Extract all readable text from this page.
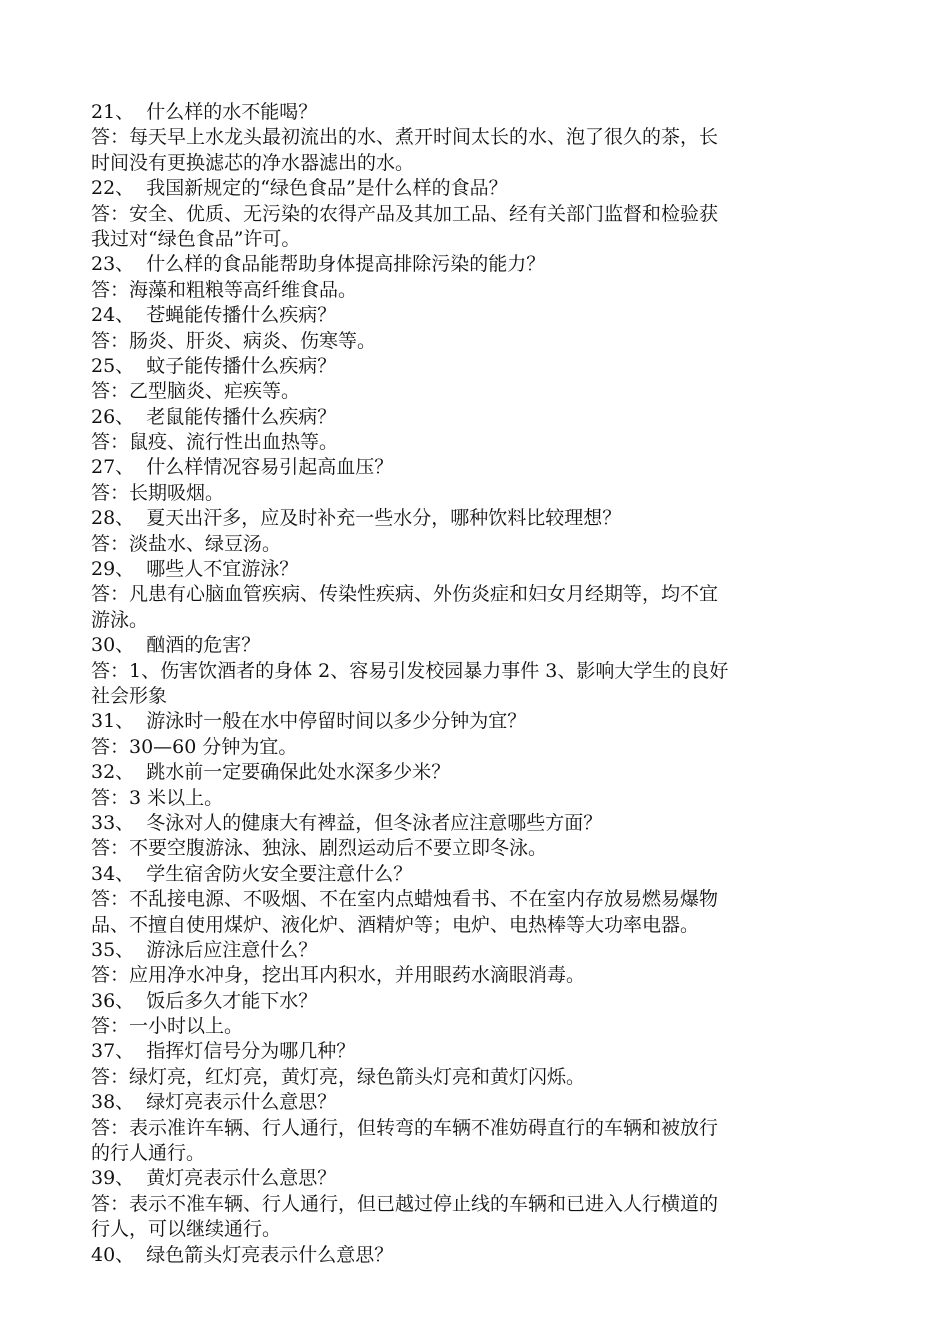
21、  什么样的水不能喝？
答：每天早上水龙头最初流出的水、煮开时间太长的水、泡了很久的茶，长
时间没有更换滤芯的净水器滤出的水。
22、  我国新规定的“绿色食品”是什么样的食品？
答：安全、优质、无污染的农得产品及其加工品、经有关部门监督和检验获
我过对“绿色食品”许可。
23、  什么样的食品能帮助身体提高排除污染的能力？
答：海藻和粗粮等高纤维食品。
24、  苍蝇能传播什么疾病？
答：肠炎、肝炎、病炎、伤寒等。
25、  蚊子能传播什么疾病？
答：乙型脑炎、疟疾等。
26、  老鼠能传播什么疾病？
答：鼠疫、流行性出血热等。
27、  什么样情况容易引起高血压？
答：长期吸烟。
28、  夏天出汗多，应及时补充一些水分，哪种饮料比较理想？
答：淡盐水、绿豆汤。
29、  哪些人不宜游泳？
答：凡患有心脑血管疾病、传染性疾病、外伤炎症和妇女月经期等，均不宜
游泳。
30、  酗酒的危害？
答：1、伤害饮酒者的身体 2、容易引发校园暴力事件 3、影响大学生的良好
社会形象
31、  游泳时一般在水中停留时间以多少分钟为宜？
答：30—60 分钟为宜。
32、  跳水前一定要确保此处水深多少米？
答：3 米以上。
33、  冬泳对人的健康大有裨益，但冬泳者应注意哪些方面？
答：不要空腹游泳、独泳、剧烈运动后不要立即冬泳。
34、  学生宿舍防火安全要注意什么？
答：不乱接电源、不吸烟、不在室内点蜡烛看书、不在室内存放易燃易爆物
品、不擅自使用煤炉、液化炉、酒精炉等；电炉、电热棒等大功率电器。
35、  游泳后应注意什么？
答：应用净水冲身，挖出耳内积水，并用眼药水滴眼消毒。
36、  饭后多久才能下水？
答：一小时以上。
37、  指挥灯信号分为哪几种？
答：绿灯亮，红灯亮，黄灯亮，绿色箭头灯亮和黄灯闪烁。
38、  绿灯亮表示什么意思？
答：表示准许车辆、行人通行，但转弯的车辆不准妨碍直行的车辆和被放行
的行人通行。
39、  黄灯亮表示什么意思？
答：表示不准车辆、行人通行，但已越过停止线的车辆和已进入人行横道的
行人，可以继续通行。
40、  绿色箭头灯亮表示什么意思？
